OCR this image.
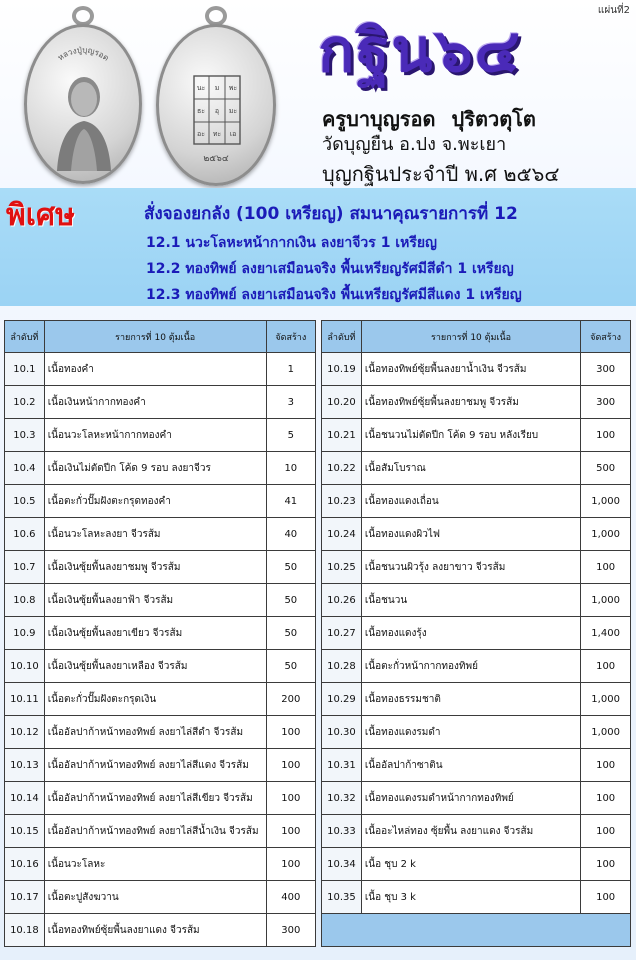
แผ่นที่2
หลวงปู่บุญรอด
นะ ม พะ
ธะ อุ มะ
อะ ทะ เอ
๒๕๖๔
กฐิน๖๔
ครูบาบุญรอด ปุริตวตุโต
วัดบุญยืน อ.ปง จ.พะเยา
บุญกฐินประจำปี พ.ศ ๒๕๖๔
พิเศษ	สั่งจองยกลัง (100 เหรียญ) สมนาคุณรายการที่ 12
12.1 นวะโลหะหน้ากากเงิน ลงยาจีวร 1 เหรียญ
12.2 ทองทิพย์ ลงยาเสมือนจริง พื้นเหรียญรัศมีสีดำ 1 เหรียญ
12.3 ทองทิพย์ ลงยาเสมือนจริง พื้นเหรียญรัศมีสีแดง 1 เหรียญ
ลำดับที่	รายการที่ 10 ตุ้มเนื้อ	จัดสร้าง
10.1	เนื้อทองคำ	1
10.2	เนื้อเงินหน้ากากทองคำ	3
10.3	เนื้อนวะโลหะหน้ากากทองคำ	5
10.4	เนื้อเงินไม่ตัดปีก โค้ด 9 รอบ ลงยาจีวร	10
10.5	เนื้อตะกั่วปั๊มฝังตะกรุดทองคำ	41
10.6	เนื้อนวะโลหะลงยา จีวรส้ม	40
10.7	เนื้อเงินซุ้ยพื้นลงยาชมพู จีวรส้ม	50
10.8	เนื้อเงินซุ้ยพื้นลงยาฟ้า จีวรส้ม	50
10.9	เนื้อเงินซุ้ยพื้นลงยาเขียว จีวรส้ม	50
10.10	เนื้อเงินซุ้ยพื้นลงยาเหลือง จีวรส้ม	50
10.11	เนื้อตะกั่วปั๊มฝังตะกรุดเงิน	200
10.12	เนื้ออัลปาก้าหน้าทองทิพย์ ลงยาไล่สีดำ จีวรส้ม	100
10.13	เนื้ออัลปาก้าหน้าทองทิพย์ ลงยาไล่สีแดง จีวรส้ม	100
10.14	เนื้ออัลปาก้าหน้าทองทิพย์ ลงยาไล่สีเขียว จีวรส้ม	100
10.15	เนื้ออัลปาก้าหน้าทองทิพย์ ลงยาไล่สีน้ำเงิน จีวรส้ม	100
10.16	เนื้อนวะโลหะ	100
10.17	เนื้อตะปูสังฆวาน	400
10.18	เนื้อทองทิพย์ซุ้ยพื้นลงยาแดง จีวรส้ม	300
ลำดับที่	รายการที่ 10 ตุ้มเนื้อ	จัดสร้าง
10.19	เนื้อทองทิพย์ซุ้ยพื้นลงยาน้ำเงิน จีวรส้ม	300
10.20	เนื้อทองทิพย์ซุ้ยพื้นลงยาชมพู จีวรส้ม	300
10.21	เนื้อชนวนไม่ตัดปีก โค้ด 9 รอบ หลังเรียบ	100
10.22	เนื้อสัมโบราณ	500
10.23	เนื้อทองแดงเถื่อน	1,000
10.24	เนื้อทองแดงผิวไฟ	1,000
10.25	เนื้อชนวนผิวรุ้ง ลงยาขาว จีวรส้ม	100
10.26	เนื้อชนวน	1,000
10.27	เนื้อทองแดงรุ้ง	1,400
10.28	เนื้อตะกั่วหน้ากากทองทิพย์	100
10.29	เนื้อทองธรรมชาติ	1,000
10.30	เนื้อทองแดงรมดำ	1,000
10.31	เนื้ออัลปาก้าซาติน	100
10.32	เนื้อทองแดงรมดำหน้ากากทองทิพย์	100
10.33	เนื้ออะไหล่ทอง ซุ้ยพื้น ลงยาแดง จีวรส้ม	100
10.34	เนื้อ ชุบ 2 k	100
10.35	เนื้อ ชุบ 3 k	100
